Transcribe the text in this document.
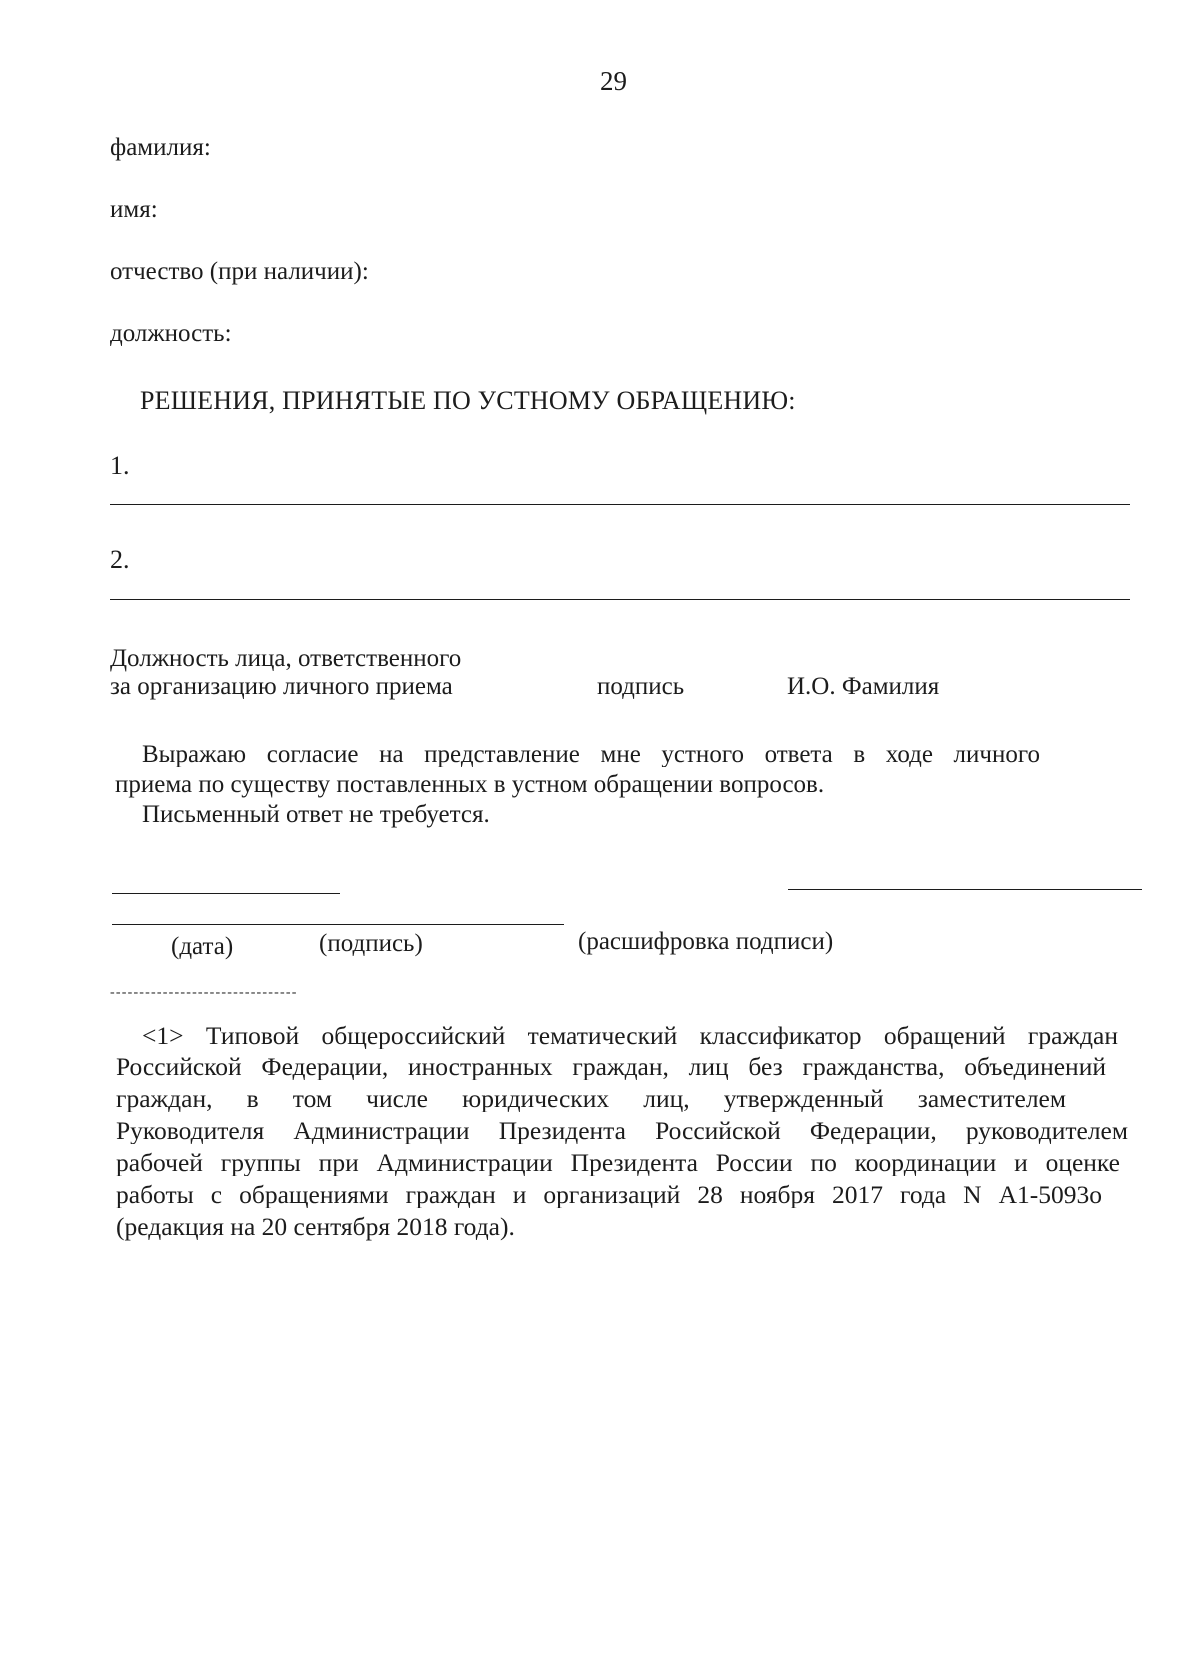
29
фамилия:
имя:
отчество (при наличии):
должность:
РЕШЕНИЯ, ПРИНЯТЫЕ ПО УСТНОМУ ОБРАЩЕНИЮ:
1.
2.
Должность лица, ответственного
за организацию личного приема	подпись	И.О. Фамилия
Выражаю согласие на представление мне устного ответа в ходе личного
приема по существу поставленных в устном обращении вопросов.
Письменный ответ не требуется.
(дата)	(подпись)	(расшифровка подписи)
--------------------------------
<1> Типовой общероссийский тематический классификатор обращений граждан
Российской Федерации, иностранных граждан, лиц без гражданства, объединений
граждан, в том числе юридических лиц, утвержденный заместителем
Руководителя Администрации Президента Российской Федерации, руководителем
рабочей группы при Администрации Президента России по координации и оценке
работы с обращениями граждан и организаций 28 ноября 2017 года N А1-5093о
(редакция на 20 сентября 2018 года).
